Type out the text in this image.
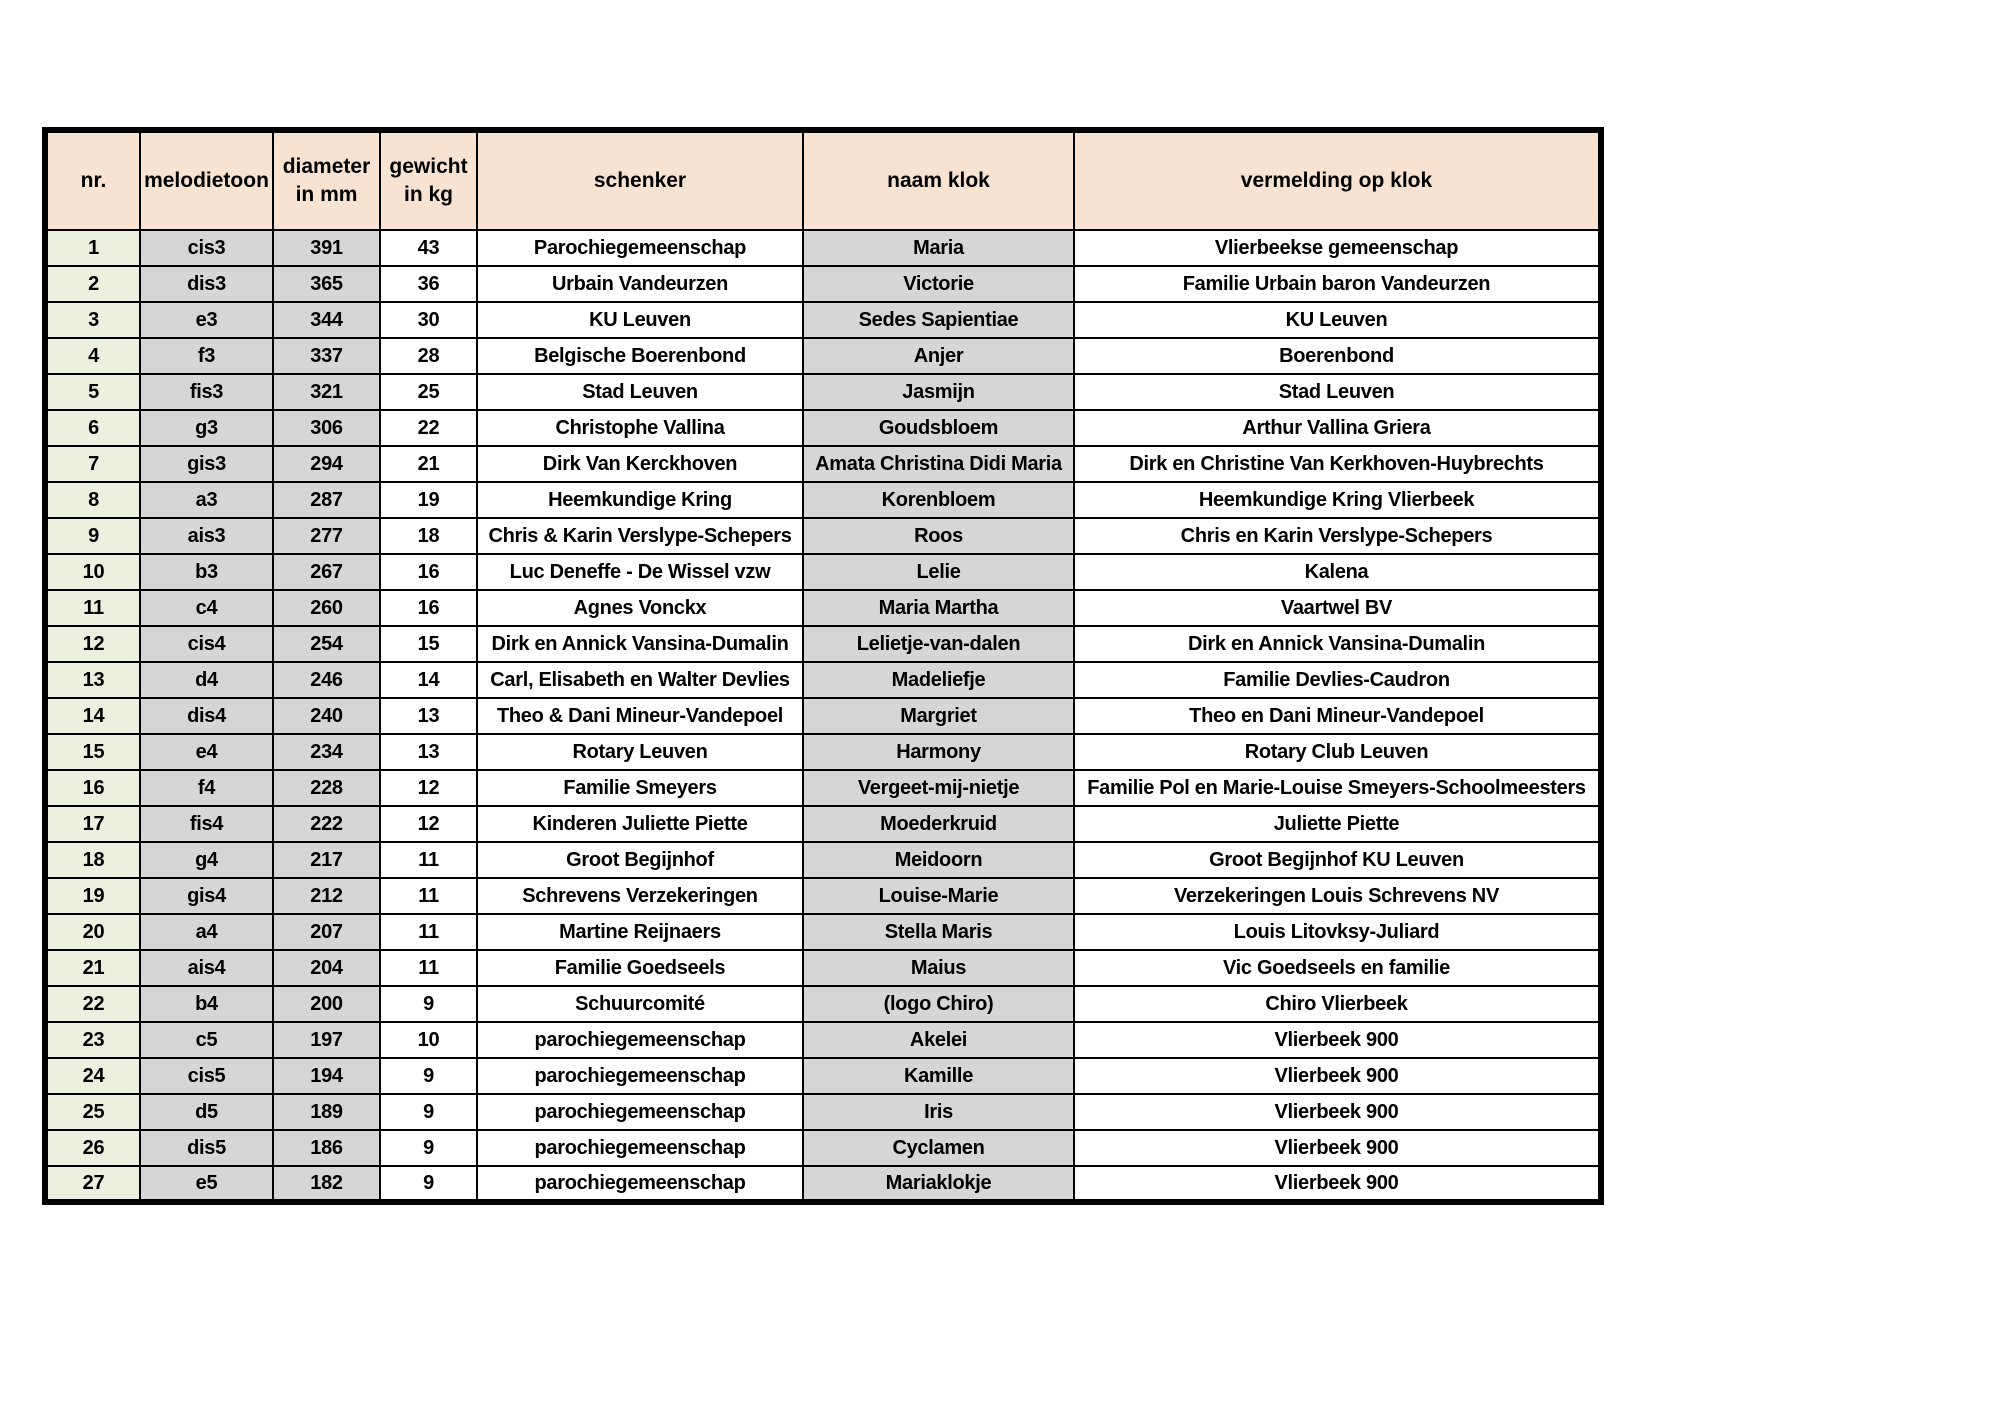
nr.	melodietoon	diameter in mm	gewicht in kg	schenker	naam klok	vermelding op klok
1	cis3	391	43	Parochiegemeenschap	Maria	Vlierbeekse gemeenschap
2	dis3	365	36	Urbain Vandeurzen	Victorie	Familie Urbain baron Vandeurzen
3	e3	344	30	KU Leuven	Sedes Sapientiae	KU Leuven
4	f3	337	28	Belgische Boerenbond	Anjer	Boerenbond
5	fis3	321	25	Stad Leuven	Jasmijn	Stad Leuven
6	g3	306	22	Christophe Vallina	Goudsbloem	Arthur Vallina Griera
7	gis3	294	21	Dirk Van Kerckhoven	Amata Christina Didi Maria	Dirk en Christine Van Kerkhoven-Huybrechts
8	a3	287	19	Heemkundige Kring	Korenbloem	Heemkundige Kring Vlierbeek
9	ais3	277	18	Chris & Karin Verslype-Schepers	Roos	Chris en Karin Verslype-Schepers
10	b3	267	16	Luc Deneffe - De Wissel vzw	Lelie	Kalena
11	c4	260	16	Agnes Vonckx	Maria Martha	Vaartwel BV
12	cis4	254	15	Dirk en Annick Vansina-Dumalin	Lelietje-van-dalen	Dirk en Annick Vansina-Dumalin
13	d4	246	14	Carl, Elisabeth en Walter Devlies	Madeliefje	Familie Devlies-Caudron
14	dis4	240	13	Theo & Dani Mineur-Vandepoel	Margriet	Theo en Dani Mineur-Vandepoel
15	e4	234	13	Rotary Leuven	Harmony	Rotary Club Leuven
16	f4	228	12	Familie Smeyers	Vergeet-mij-nietje	Familie Pol en Marie-Louise Smeyers-Schoolmeesters
17	fis4	222	12	Kinderen Juliette Piette	Moederkruid	Juliette Piette
18	g4	217	11	Groot Begijnhof	Meidoorn	Groot Begijnhof KU Leuven
19	gis4	212	11	Schrevens Verzekeringen	Louise-Marie	Verzekeringen Louis Schrevens NV
20	a4	207	11	Martine Reijnaers	Stella Maris	Louis Litovksy-Juliard
21	ais4	204	11	Familie Goedseels	Maius	Vic Goedseels en familie
22	b4	200	9	Schuurcomité	(logo Chiro)	Chiro Vlierbeek
23	c5	197	10	parochiegemeenschap	Akelei	Vlierbeek 900
24	cis5	194	9	parochiegemeenschap	Kamille	Vlierbeek 900
25	d5	189	9	parochiegemeenschap	Iris	Vlierbeek 900
26	dis5	186	9	parochiegemeenschap	Cyclamen	Vlierbeek 900
27	e5	182	9	parochiegemeenschap	Mariaklokje	Vlierbeek 900
